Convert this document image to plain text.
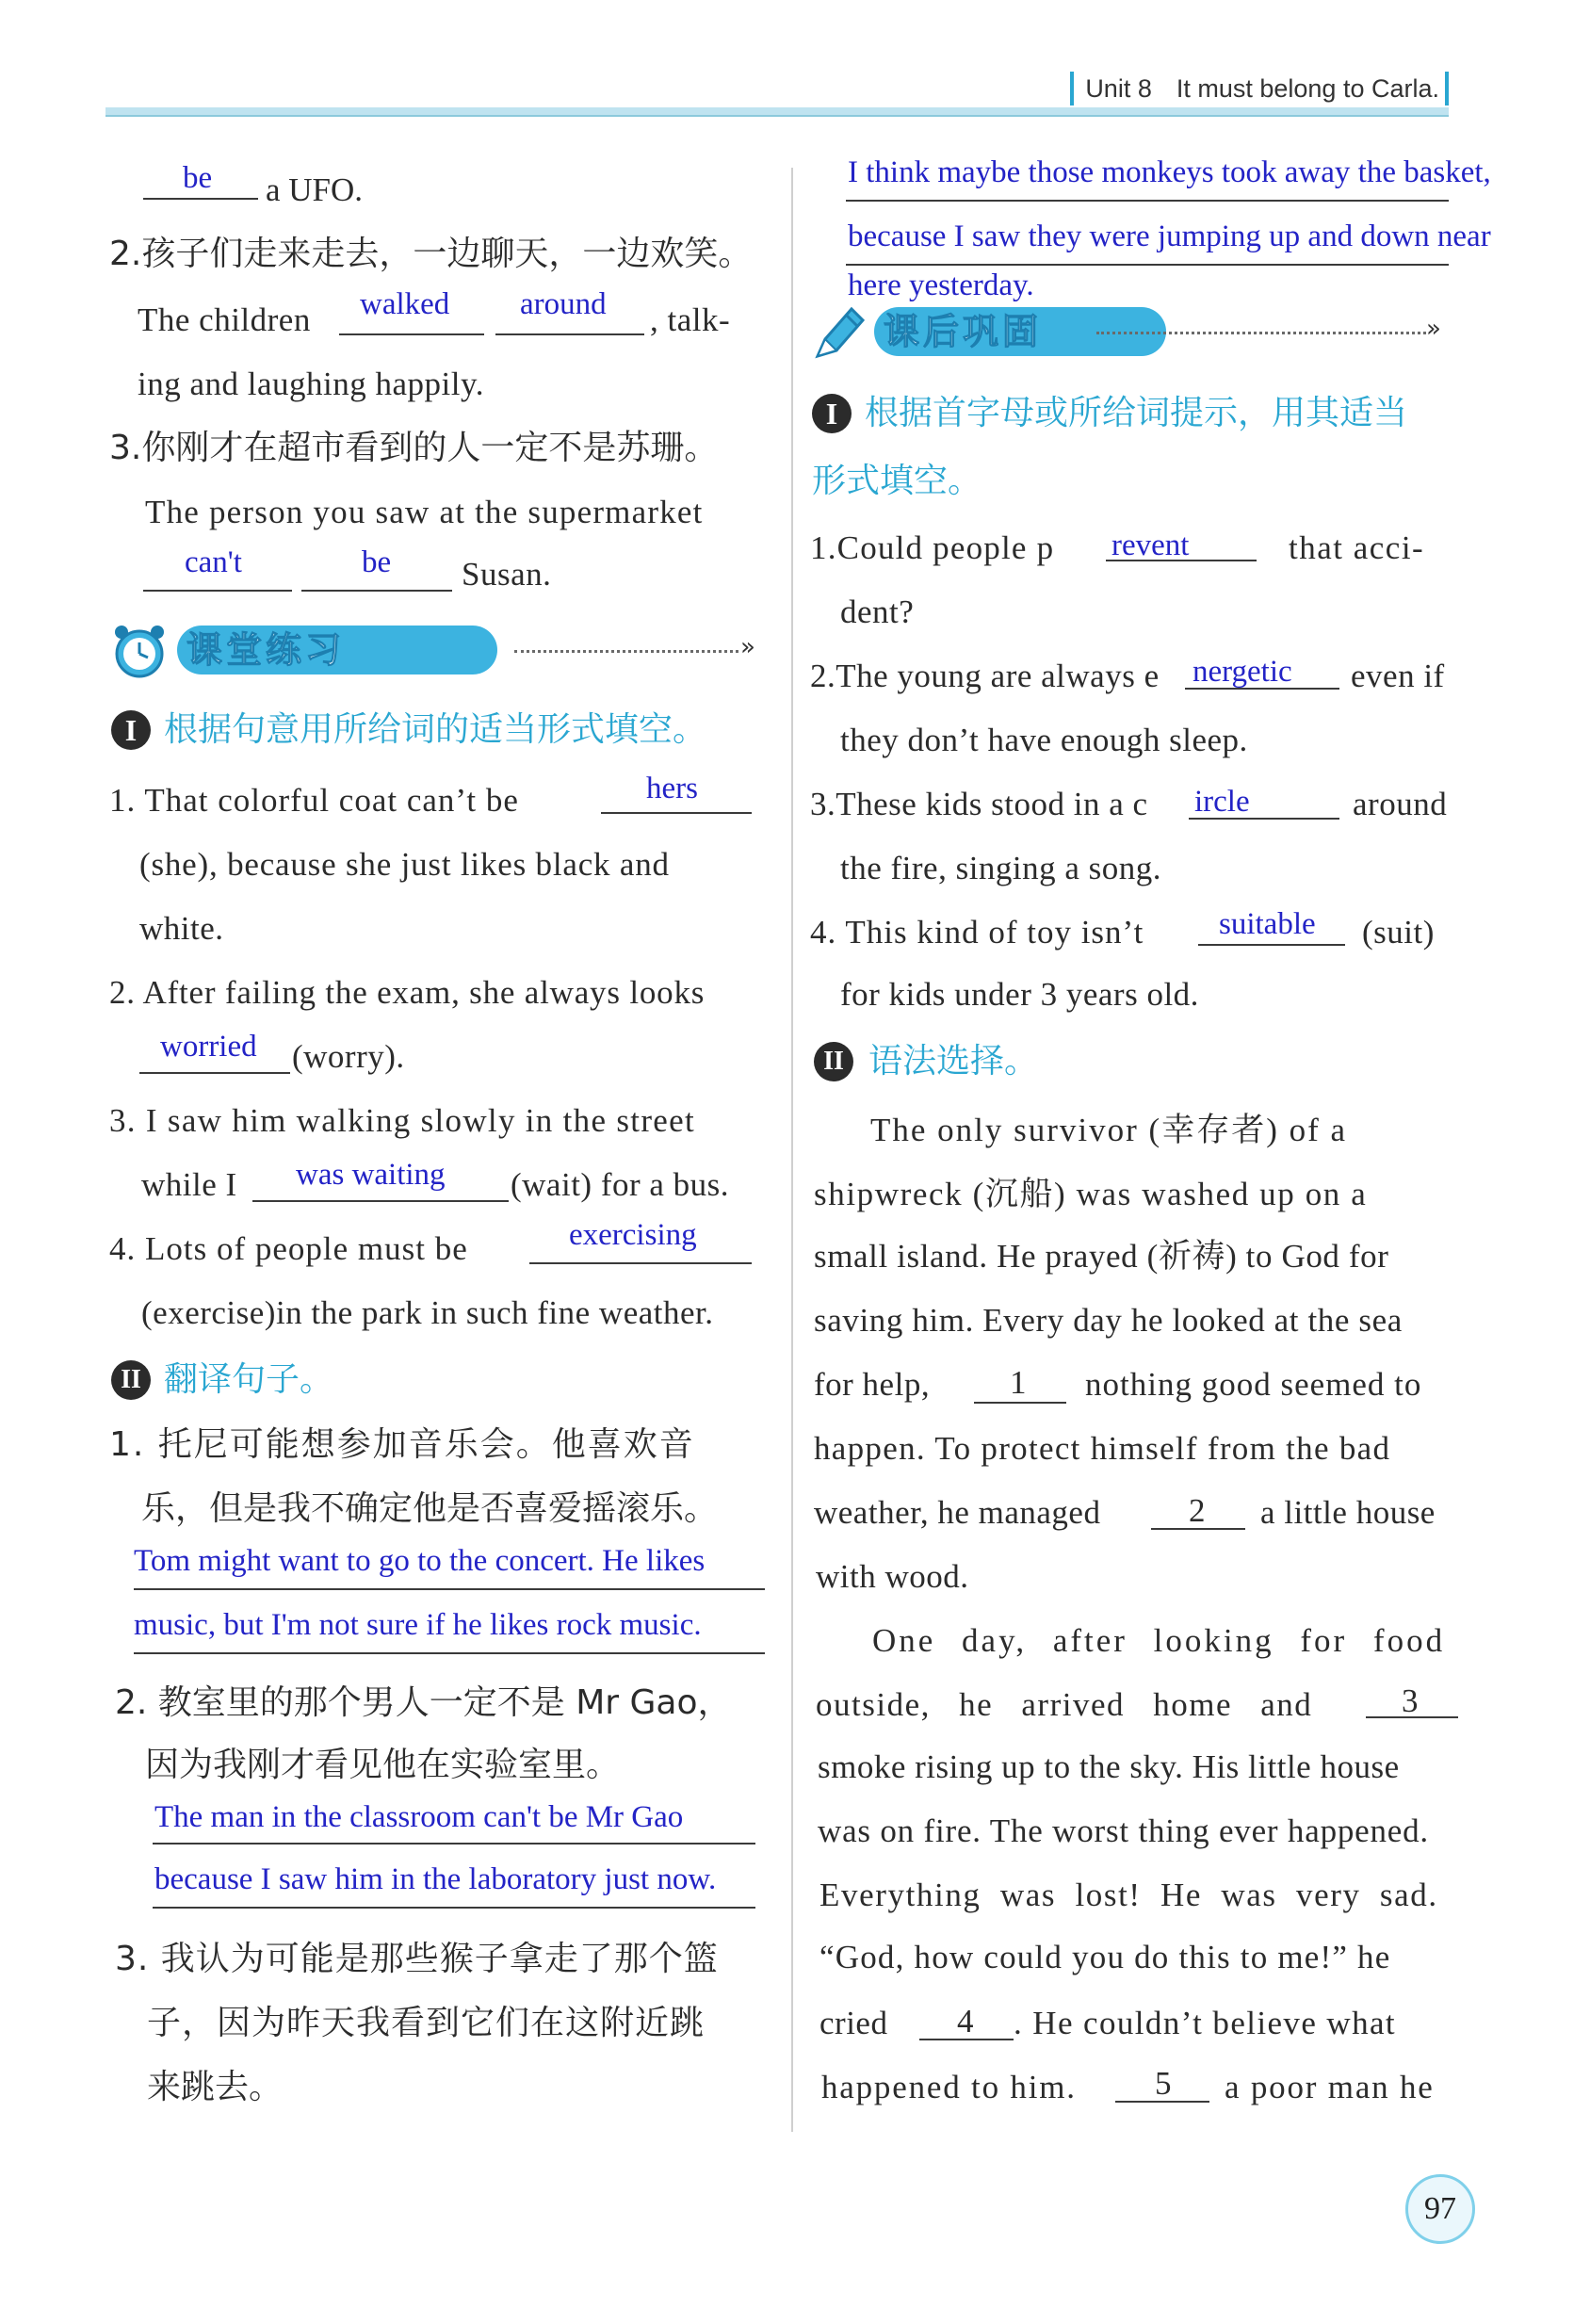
Unit 8 It must belong to Carla.
be a UFO.
2.孩子们走来走去，一边聊天，一边欢笑。
The children walked around , talk-
ing and laughing happily.
3.你刚才在超市看到的人一定不是苏珊。
The person you saw at the supermarket
can't	be Susan.
课堂练习	»
I 根据句意用所给词的适当形式填空。
1. That colorful coat can’t be	hers
(she), because she just likes black and
white.
2. After failing the exam, she always looks
worried (worry).
3. I saw him walking slowly in the street
while I was waiting (wait) for a bus.
4. Lots of people must be	exercising
(exercise)in the park in such fine weather.
II 翻译句子。
1. 托尼可能想参加音乐会。他喜欢音
乐，但是我不确定他是否喜爱摇滚乐。
Tom might want to go to the concert. He likes
music, but I'm not sure if he likes rock music.
2. 教室里的那个男人一定不是 Mr Gao，
因为我刚才看见他在实验室里。
The man in the classroom can't be Mr Gao
because I saw him in the laboratory just now.
3. 我认为可能是那些猴子拿走了那个篮
子，因为昨天我看到它们在这附近跳
来跳去。
I think maybe those monkeys took away the basket,
because I saw they were jumping up and down near
here yesterday.
课后巩固	»
I 根据首字母或所给词提示，用其适当
形式填空。
1.Could people p revent	that acci-
dent?
2.The young are always e nergetic even if
they don’t have enough sleep.
3.These kids stood in a c ircle	around
the fire, singing a song.
4. This kind of toy isn’t suitable (suit)
for kids under 3 years old.
II 语法选择。
The only survivor (幸存者) of a
shipwreck (沉船) was washed up on a
small island. He prayed (祈祷) to God for
saving him. Every day he looked at the sea
for help, 1 nothing good seemed to
happen. To protect himself from the bad
weather, he managed	2 a little house
with wood.
One day, after looking for food
outside, he arrived home and	3
smoke rising up to the sky. His little house
was on fire. The worst thing ever happened.
Everything was lost! He was very sad.
“God, how could you do this to me!” he
cried 4 . He couldn’t believe what
happened to him. 5 a poor man he
97
